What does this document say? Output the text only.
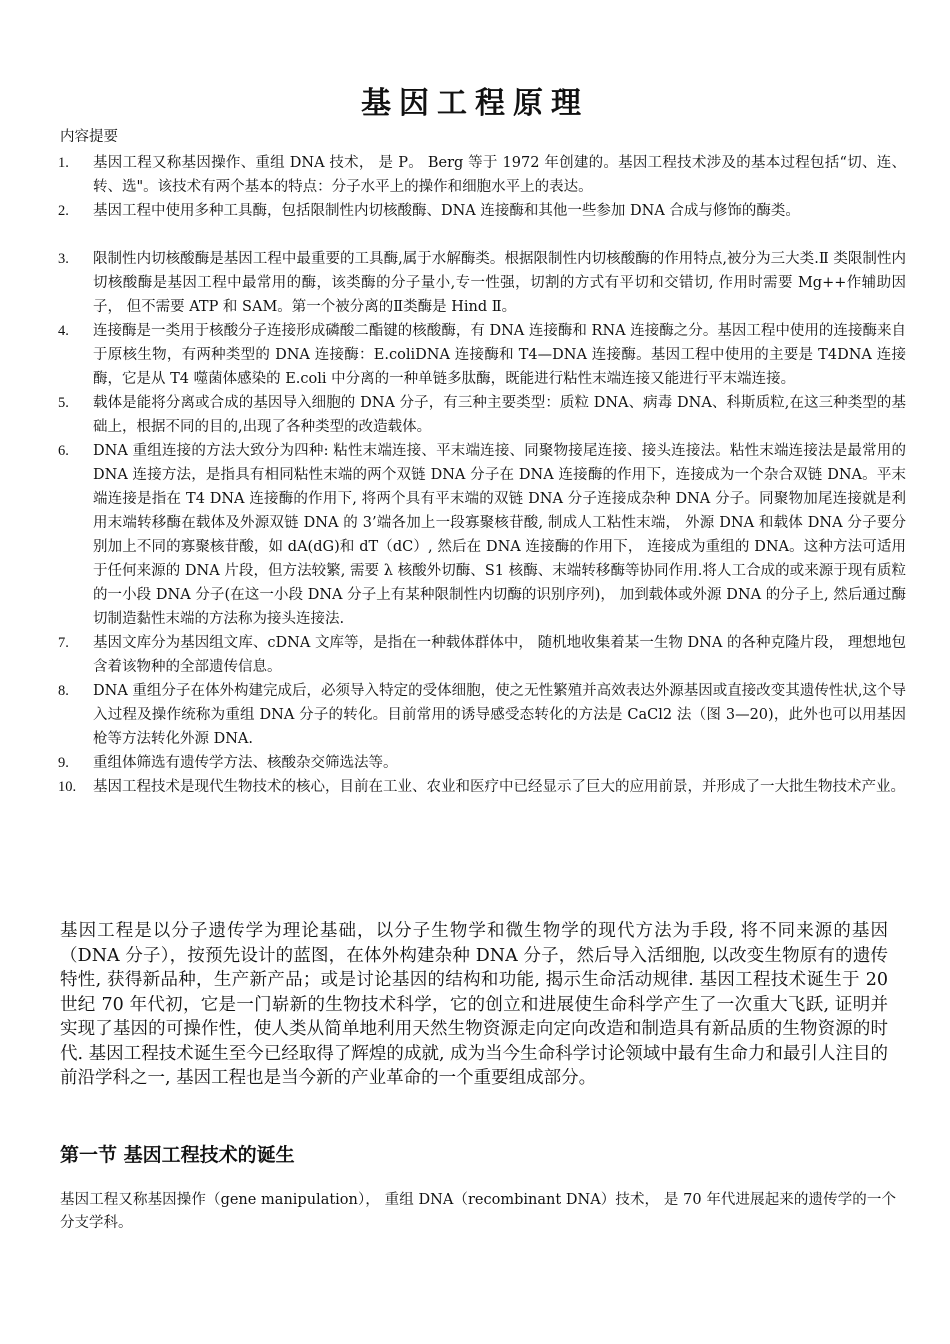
基因工程原理
内容提要
1. 基因工程又称基因操作、重组 DNA 技术， 是 P。 Berg 等于 1972 年创建的。基因工程技术涉及的基本过程包括“切、连、转、选"。该技术有两个基本的特点：分子水平上的操作和细胞水平上的表达。
2. 基因工程中使用多种工具酶，包括限制性内切核酸酶、DNA 连接酶和其他一些参加 DNA 合成与修饰的酶类。
3. 限制性内切核酸酶是基因工程中最重要的工具酶,属于水解酶类。根据限制性内切核酸酶的作用特点,被分为三大类.Ⅱ 类限制性内切核酸酶是基因工程中最常用的酶，该类酶的分子量小,专一性强，切割的方式有平切和交错切, 作用时需要 Mg++作辅助因子， 但不需要 ATP 和 SAM。第一个被分离的Ⅱ类酶是 Hind Ⅱ。
4. 连接酶是一类用于核酸分子连接形成磷酸二酯键的核酸酶，有 DNA 连接酶和 RNA 连接酶之分。基因工程中使用的连接酶来自于原核生物，有两种类型的 DNA 连接酶：E.coliDNA 连接酶和 T4—DNA 连接酶。基因工程中使用的主要是 T4DNA 连接酶，它是从 T4 噬菌体感染的 E.coli 中分离的一种单链多肽酶，既能进行粘性末端连接又能进行平末端连接。
5. 载体是能将分离或合成的基因导入细胞的 DNA 分子，有三种主要类型：质粒 DNA、病毒 DNA、科斯质粒,在这三种类型的基础上，根据不同的目的,出现了各种类型的改造载体。
6. DNA 重组连接的方法大致分为四种: 粘性末端连接、平末端连接、同聚物接尾连接、接头连接法。粘性末端连接法是最常用的 DNA 连接方法，是指具有相同粘性末端的两个双链 DNA 分子在 DNA 连接酶的作用下，连接成为一个杂合双链 DNA。平末端连接是指在 T4 DNA 连接酶的作用下, 将两个具有平末端的双链 DNA 分子连接成杂种 DNA 分子。同聚物加尾连接就是利用末端转移酶在载体及外源双链 DNA 的 3’端各加上一段寡聚核苷酸, 制成人工粘性末端， 外源 DNA 和载体 DNA 分子要分别加上不同的寡聚核苷酸，如 dA(dG)和 dT（dC）, 然后在 DNA 连接酶的作用下， 连接成为重组的 DNA。这种方法可适用于任何来源的 DNA 片段，但方法较繁, 需要 λ 核酸外切酶、S1 核酶、末端转移酶等协同作用.将人工合成的或来源于现有质粒的一小段 DNA 分子(在这一小段 DNA 分子上有某种限制性内切酶的识别序列)， 加到载体或外源 DNA 的分子上, 然后通过酶切制造黏性末端的方法称为接头连接法.
7. 基因文库分为基因组文库、cDNA 文库等，是指在一种载体群体中， 随机地收集着某一生物 DNA 的各种克隆片段， 理想地包含着该物种的全部遗传信息。
8. DNA 重组分子在体外构建完成后，必须导入特定的受体细胞，使之无性繁殖并高效表达外源基因或直接改变其遗传性状,这个导入过程及操作统称为重组 DNA 分子的转化。目前常用的诱导感受态转化的方法是 CaCl2 法（图 3—20)，此外也可以用基因枪等方法转化外源 DNA.
9. 重组体筛选有遗传学方法、核酸杂交筛选法等。
10. 基因工程技术是现代生物技术的核心，目前在工业、农业和医疗中已经显示了巨大的应用前景，并形成了一大批生物技术产业。

基因工程是以分子遗传学为理论基础，以分子生物学和微生物学的现代方法为手段, 将不同来源的基因（DNA 分子），按预先设计的蓝图，在体外构建杂种 DNA 分子，然后导入活细胞, 以改变生物原有的遗传特性, 获得新品种，生产新产品；或是讨论基因的结构和功能, 揭示生命活动规律. 基因工程技术诞生于 20 世纪 70 年代初，它是一门崭新的生物技术科学，它的创立和进展使生命科学产生了一次重大飞跃, 证明并实现了基因的可操作性，使人类从简单地利用天然生物资源走向定向改造和制造具有新品质的生物资源的时代. 基因工程技术诞生至今已经取得了辉煌的成就, 成为当今生命科学讨论领域中最有生命力和最引人注目的前沿学科之一, 基因工程也是当今新的产业革命的一个重要组成部分。

第一节 基因工程技术的诞生

基因工程又称基因操作（gene manipulation）， 重组 DNA（recombinant DNA）技术， 是 70 年代进展起来的遗传学的一个分支学科。
